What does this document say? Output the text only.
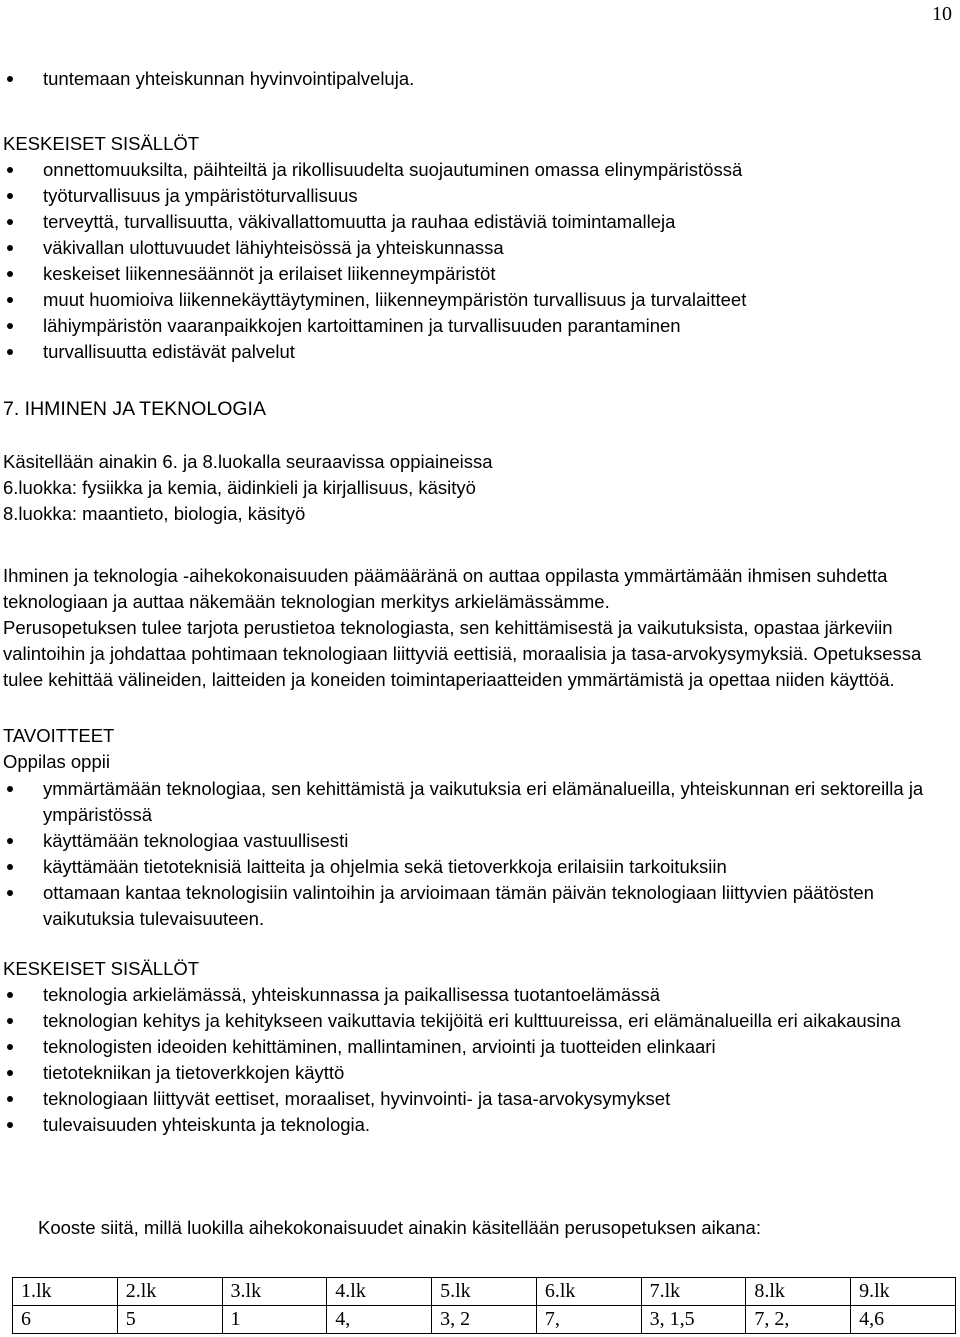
10
tuntemaan yhteiskunnan hyvinvointipalveluja.
KESKEISET SISÄLLÖT
onnettomuuksilta, päihteiltä ja rikollisuudelta suojautuminen omassa elinympäristössä
työturvallisuus ja ympäristöturvallisuus
terveyttä, turvallisuutta, väkivallattomuutta ja rauhaa edistäviä toimintamalleja
väkivallan ulottuvuudet lähiyhteisössä ja yhteiskunnassa
keskeiset liikennesäännöt ja erilaiset liikenneympäristöt
muut huomioiva liikennekäyttäytyminen, liikenneympäristön turvallisuus ja turvalaitteet
lähiympäristön vaaranpaikkojen kartoittaminen ja turvallisuuden parantaminen
turvallisuutta edistävät palvelut
7. IHMINEN JA TEKNOLOGIA
Käsitellään ainakin 6. ja 8.luokalla seuraavissa oppiaineissa
6.luokka: fysiikka ja kemia, äidinkieli ja kirjallisuus, käsityö
8.luokka: maantieto, biologia, käsityö

Ihminen ja teknologia -aihekokonaisuuden päämääränä on auttaa oppilasta ymmärtämään ihmisen suhdetta teknologiaan ja auttaa näkemään teknologian merkitys arkielämässämme.

Perusopetuksen tulee tarjota perustietoa teknologiasta, sen kehittämisestä ja vaikutuksista, opastaa järkeviin valintoihin ja johdattaa pohtimaan teknologiaan liittyviä eettisiä, moraalisia ja tasa-arvokysymyksiä. Opetuksessa tulee kehittää välineiden, laitteiden ja koneiden toimintaperiaatteiden ymmärtämistä ja opettaa niiden käyttöä.

TAVOITTEET
Oppilas oppii
ymmärtämään teknologiaa, sen kehittämistä ja vaikutuksia eri elämänalueilla, yhteiskunnan eri sektoreilla ja ympäristössä
käyttämään teknologiaa vastuullisesti
käyttämään tietoteknisiä laitteita ja ohjelmia sekä tietoverkkoja erilaisiin tarkoituksiin
ottamaan kantaa teknologisiin valintoihin ja arvioimaan tämän päivän teknologiaan liittyvien päätösten vaikutuksia tulevaisuuteen.
KESKEISET SISÄLLÖT
teknologia arkielämässä, yhteiskunnassa ja paikallisessa tuotantoelämässä
teknologian kehitys ja kehitykseen vaikuttavia tekijöitä eri kulttuureissa, eri elämänalueilla eri aikakausina
teknologisten ideoiden kehittäminen, mallintaminen, arviointi ja tuotteiden elinkaari
tietotekniikan ja tietoverkkojen käyttö
teknologiaan liittyvät eettiset, moraaliset, hyvinvointi- ja tasa-arvokysymykset
tulevaisuuden yhteiskunta ja teknologia.
Kooste siitä, millä luokilla aihekokonaisuudet ainakin käsitellään perusopetuksen aikana:
1.lk	2.lk	3.lk	4.lk	5.lk	6.lk	7.lk	8.lk	9.lk
6	5	1	4,	3, 2	7,	3, 1,5	7, 2,	4,6
